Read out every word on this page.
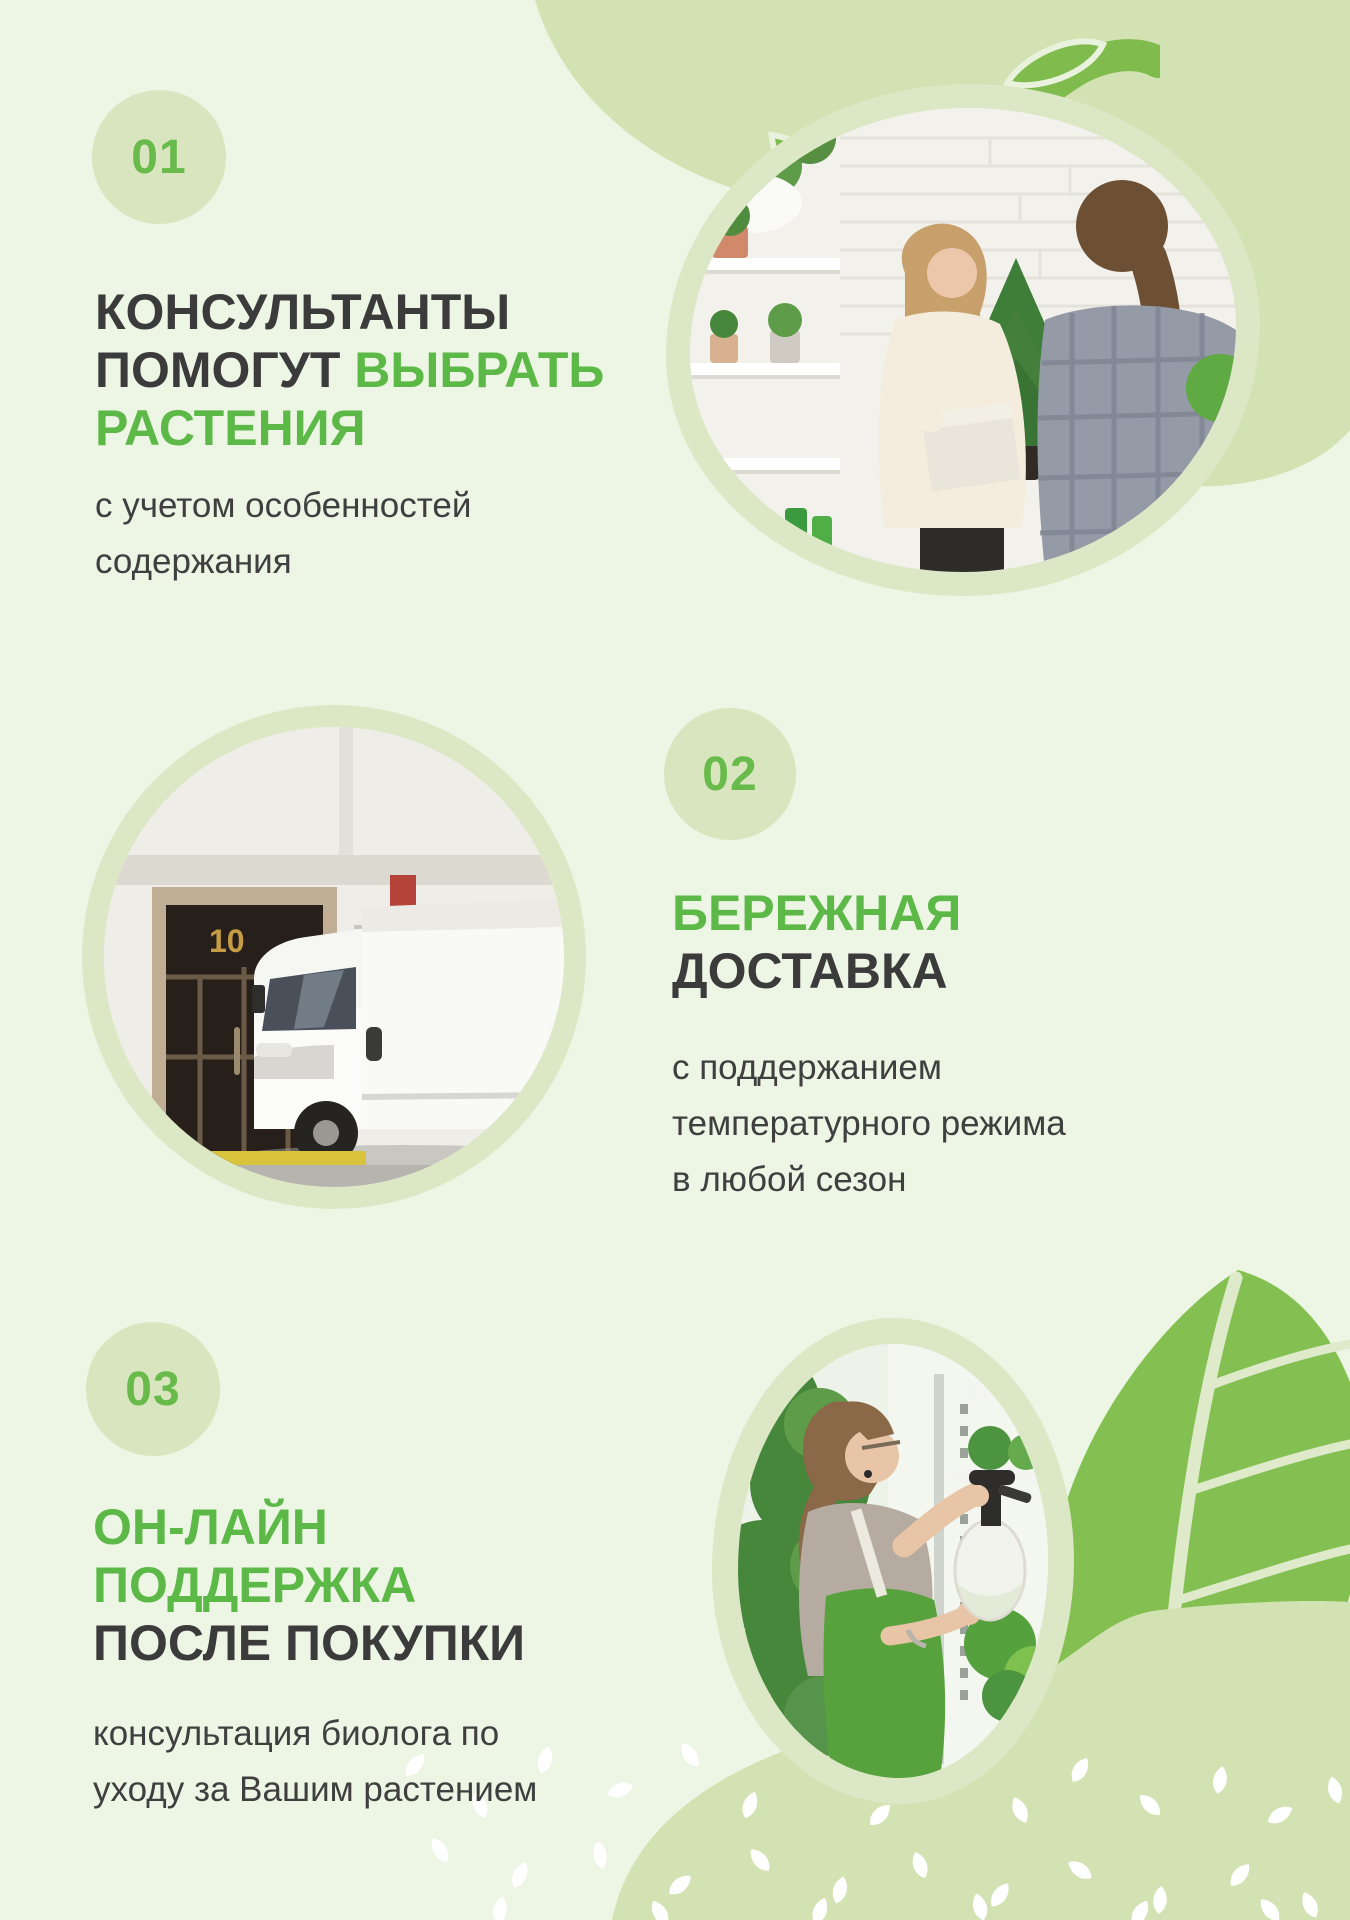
10
01
02
03
КОНСУЛЬТАНТЫ
ПОМОГУТ ВЫБРАТЬ
РАСТЕНИЯ
с учетом особенностей
содержания
БЕРЕЖНАЯ
ДОСТАВКА
с поддержанием
температурного режима
в любой сезон
ОН-ЛАЙН
ПОДДЕРЖКА
ПОСЛЕ ПОКУПКИ
консультация биолога по
уходу за Вашим растением
